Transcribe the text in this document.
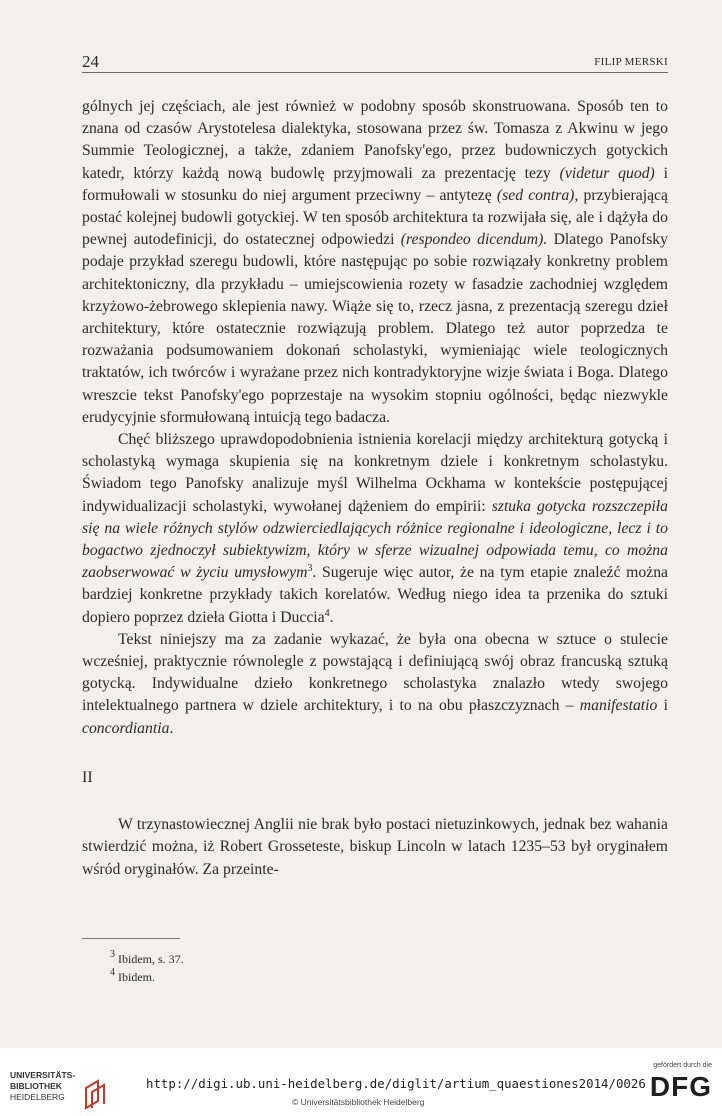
24	FILIP MERSKI

gólnych jej częściach, ale jest również w podobny sposób skonstruowana. Sposób ten to znana od czasów Arystotelesa dialektyka, stosowana przez św. Tomasza z Akwinu w jego Summie Teologicznej, a także, zdaniem Panofsky'ego, przez budowniczych gotyckich katedr, którzy każdą nową budowlę przyjmowali za prezentację tezy (videtur quod) i formułowali w stosunku do niej argument przeciwny – antytezę (sed contra), przybierającą postać kolejnej budowli gotyckiej. W ten sposób architektura ta rozwijała się, ale i dążyła do pewnej autodefinicji, do ostatecznej odpowiedzi (respondeo dicendum). Dlatego Panofsky podaje przykład szeregu budowli, które następując po sobie rozwiązały konkretny problem architektoniczny, dla przykładu – umiejscowienia rozety w fasadzie zachodniej względem krzyżowo-żebrowego sklepienia nawy. Wiąże się to, rzecz jasna, z prezentacją szeregu dzieł architektury, które ostatecznie rozwiązują problem. Dlatego też autor poprzedza te rozważania podsumowaniem dokonań scholastyki, wymieniając wiele teologicznych traktatów, ich twórców i wyrażane przez nich kontradyktoryjne wizje świata i Boga. Dlatego wreszcie tekst Panofsky'ego poprzestaje na wysokim stopniu ogólności, będąc niezwykle erudycyjnie sformułowaną intuicją tego badacza.

Chęć bliższego uprawdopodobnienia istnienia korelacji między architekturą gotycką i scholastyką wymaga skupienia się na konkretnym dziele i konkretnym scholastyku. Świadom tego Panofsky analizuje myśl Wilhelma Ockhama w kontekście postępującej indywidualizacji scholastyki, wywołanej dążeniem do empirii: sztuka gotycka rozszczepiła się na wiele różnych stylów odzwierciedlających różnice regionalne i ideologiczne, lecz i to bogactwo zjednoczył subiektywizm, który w sferze wizualnej odpowiada temu, co można zaobserwować w życiu umysłowym$^3$. Sugeruje więc autor, że na tym etapie znaleźć można bardziej konkretne przykłady takich korelatów. Według niego idea ta przenika do sztuki dopiero poprzez dzieła Giotta i Duccia$^4$.

Tekst niniejszy ma za zadanie wykazać, że była ona obecna w sztuce o stulecie wcześniej, praktycznie równolegle z powstającą i definiującą swój obraz francuską sztuką gotycką. Indywidualne dzieło konkretnego scholastyka znalazło wtedy swojego intelektualnego partnera w dziele architektury, i to na obu płaszczyznach – manifestatio i concordiantia.

II

W trzynastowiecznej Anglii nie brak było postaci nietuzinkowych, jednak bez wahania stwierdzić można, iż Robert Grosseteste, biskup Lincoln w latach 1235–53 był oryginałem wśród oryginałów. Za przeinte-

$^3$ Ibidem, s. 37.

$^4$ Ibidem.

UNIVERSITÄTS-
BIBLIOTHEK
HEIDELBERG
http://digi.ub.uni-heidelberg.de/diglit/artium_quaestiones2014/0026
© Universitätsbibliothek Heidelberg
gefördert durch die
DFG
